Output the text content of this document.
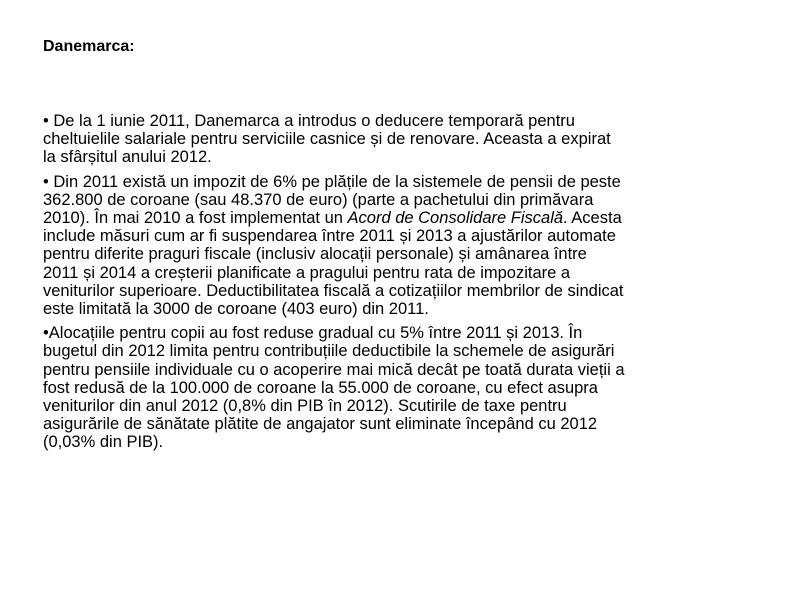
Danemarca:

• De la 1 iunie 2011, Danemarca a introdus o deducere temporară pentru
cheltuielile salariale pentru serviciile casnice și de renovare. Aceasta a expirat
la sfârșitul anului 2012.

• Din 2011 există un impozit de 6% pe plățile de la sistemele de pensii de peste
362.800 de coroane (sau 48.370 de euro) (parte a pachetului din primăvara
2010). În mai 2010 a fost implementat un Acord de Consolidare Fiscală. Acesta
include măsuri cum ar fi suspendarea între 2011 și 2013 a ajustărilor automate
pentru diferite praguri fiscale (inclusiv alocații personale) și amânarea între
2011 și 2014 a creșterii planificate a pragului pentru rata de impozitare a
veniturilor superioare. Deductibilitatea fiscală a cotizațiilor membrilor de sindicat
este limitată la 3000 de coroane (403 euro) din 2011.

•Alocațiile pentru copii au fost reduse gradual cu 5% între 2011 și 2013. În
bugetul din 2012 limita pentru contribuțiile deductibile la schemele de asigurări
pentru pensiile individuale cu o acoperire mai mică decât pe toată durata vieții a
fost redusă de la 100.000 de coroane la 55.000 de coroane, cu efect asupra
veniturilor din anul 2012 (0,8% din PIB în 2012). Scutirile de taxe pentru
asigurările de sănătate plătite de angajator sunt eliminate începând cu 2012
(0,03% din PIB).
